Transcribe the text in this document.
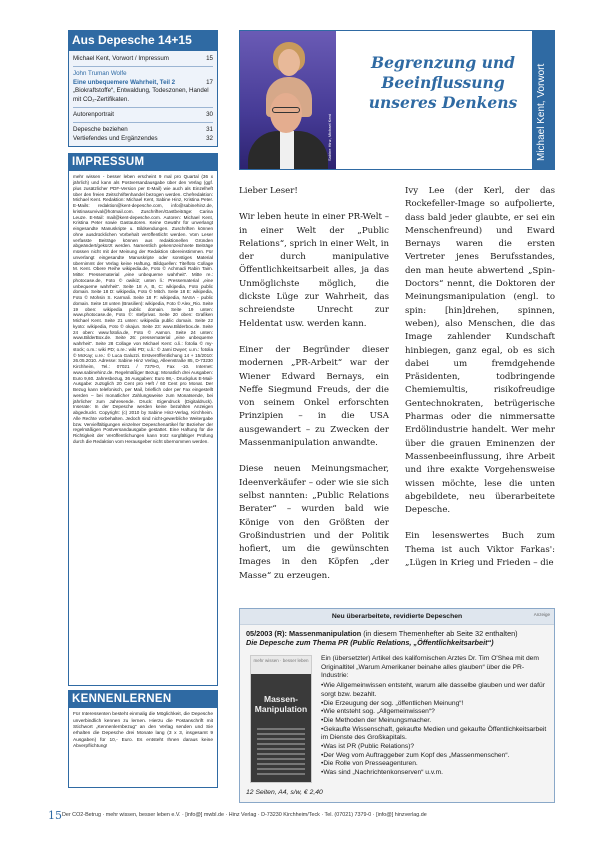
Aus Depesche 14+15
Michael Kent, Vorwort / Impressum	15
John Truman Wolfe
Eine unbequemere Wahrheit, Teil 2	17
„Biokraftstoffe“, Entwaldung, Todeszonen, Handel mit CO₂-Zertifikaten.
Autorenportrait	30
Depesche beziehen	31
Vertiefendes und Ergänzendes	32
IMPRESSUM

mehr wissen - besser leben erscheint 9 mal pro Quartal (36 x jährlich) und kann als Postversandausgabe über den Verlag (ggf. plus zusätzlicher PDF-Version per E-Mail) wie auch als Einzelheft über den freien Zeitschriftenhandel bezogen werden. Chefredaktion: Michael Kent. Redaktion: Michael Kent, Sabine Hinz, Kristina Peter. E-Mails: redaktion@kent-depesche.com, info@sabinehinz.de, kristinasurvival@hotmail.com. Zuschriften/Gastbeiträge: Carina Leuze. E-Mail: mail@kent-depesche.com. Autoren: Michael Kent, Kristina Peter sowie Gastautoren. Keine Gewähr für unverlangt eingesandte Manuskripte u. Bildsendungen. Zuschriften können ohne ausdrücklichen Vorbehalt veröffentlicht werden. Vom Leser verfasste Beiträge können aus redaktionellen Gründen abgeändert/gekürzt werden. Namentlich gekennzeichnete Beiträge müssen nicht mit der Meinung der Redaktion übereinstimmen. Für unverlangt eingesandte Manuskripte oder sonstiges Material übernimmt der Verlag keine Haftung. Bildquellen: Titelfoto Collage M. Kent. Obere Reihe wikipedia.de, Foto © Achmadi Rabin Taim. Mitte: Pressematerial „eine unbequeme wahrheit“. Mitte re.: photocase.de, Foto © owiki2; unten li.: Pressematerial „eine unbequeme wahrheit“. Seite 18 A, B, C: wikipedia, Foto public domain. Seite 18 D: wikipedia, Foto © Mitch. Seite 18 E: wikipedia, Foto © Mohsin S. Karmali. Seite 18 F: wikipedia, NASA - public domain. Seite 18 unten (Brasilien): wikipedia, Foto © Alex_Rio. Seite 19 oben: wikipedia public domain. Seite 19 unten: www.photocase.de, Foto ©: stefprivat. Seite 20 oben: Grafiken Michael Kent. Seite 21 unten: wikipedia public domain. Seite 22 kyoto: wikipedia, Foto © okajun. Seite 23: www.Bilderbox.de. Seite 24 oben: www.fotolia.de, Foto © Aamon. Seite 24 unten: www.BilderBox.de. Seite 26: pressematerial „eine unbequeme wahrheit“. Seite 28 Collage von Michael Kent: o.li.: fotolia © my-stock; o.m.: wiki PD; o.re.: wiki PD; u.li.: © Jami Dwyer; u.m.: fotolia © McKay; u.re.: © Luca Galuzzi. Erstveröffentlichung 14 + 15/2010: 26.05.2010. Adresse: Sabine Hinz Verlag, Alleenstraße 85, D-73230 Kirchheim, Tel.: 07021 / 7379-0, Fax -10. Internet: www.sabinehinz.de. Regelmäßiger Bezug: Monatlich drei Ausgaben: Euro 9,60. Jahresbezug, 36 Ausgaben: Euro 98,-. Druckplus E-Mail-Ausgabe: zuzüglich 20 Cent pro Heft / 60 Cent pro Monat. Der Bezug kann telefonisch, per Mail, brieflich oder per Fax eingestellt werden – bei monatlicher Zahlungsweise zum Monatsende, bei jährlicher zum Jahresende. Druck: Eigendruck (Digitaldruck). Inserate: In der Depesche werden keine bezahlten Anzeigen abgedruckt. Copyright: (c) 2010 by Sabine Hinz-Verlag, Kirchheim. Alle Rechte vorbehalten. Jedoch sind nicht-gewerbliche Weitergabe bzw. Vervielfältigungen einzelner Depeschenartikel für Bezieher der regelmäßigen Postversandausgabe gestattet. Eine Haftung für die Richtigkeit der Veröffentlichungen kann trotz sorgfältiger Prüfung durch die Redaktion vom Herausgeber nicht übernommen werden.

KENNENLERNEN
Für Interessenten besteht einmalig die Möglichkeit, die Depesche unverbindlich kennen zu lernen. Hierzu die Postanschrift mit Stichwort „Kennenlernbezug“ an den Verlag senden und Sie erhalten die Depesche drei Monate lang (3 x 3, insgesamt 9 Ausgaben) für 10,- Euro. Es entsteht Ihnen daraus keine Abverpflichtung!
Sabine Hinz, Michael Kent
Begrenzung und
Beeinflussung
unseres Denkens	Michael Kent, Vorwort

Lieber Leser!

Wir leben heute in einer PR-Welt – in einer Welt der „Public Relations“, sprich in einer Welt, in der durch manipulative Öffentlichkeitsarbeit alles, ja das Unmöglichste möglich, die dickste Lüge zur Wahrheit, das schreiendste Unrecht zur Heldentat usw. werden kann.

Einer der Begründer dieser modernen „PR-Arbeit“ war der Wiener Edward Bernays, ein Neffe Siegmund Freuds, der die von seinem Onkel erforschten Prinzipien – in die USA ausgewandert – zu Zwecken der Massenmanipulation anwandte.

Diese neuen Meinungsmacher, Ideenverkäufer – oder wie sie sich selbst nannten: „Public Relations Berater“ – wurden bald wie Könige von den Größten der Großindustrien und der Politik hofiert, um die gewünschten Images in den Köpfen „der Masse“ zu erzeugen.

Ivy Lee (der Kerl, der das Rockefeller-Image so aufpolierte, dass bald jeder glaubte, er sei ein Menschenfreund) und Eward Bernays waren die ersten Vertreter jenes Berufsstandes, den man heute abwertend „Spin-Doctors“ nennt, die Doktoren der Meinungsmanipulation (engl. to spin: [hin]drehen, spinnen, weben), also Menschen, die das Image zahlender Kundschaft hinbiegen, ganz egal, ob es sich dabei um fremdgehende Präsidenten, todbringende Chemiemultis, risikofreudige Gentechnokraten, betrügerische Pharmas oder die nimmersatte Erdölindustrie handelt. Wer mehr über die grauen Eminenzen der Massenbeeinflussung, ihre Arbeit und ihre exakte Vorgehensweise wissen möchte, lese die unten abgebildete, neu überarbeitete Depesche.

Ein lesenswertes Buch zum Thema ist auch Viktor Farkas': „Lügen in Krieg und Frieden – die

Neu überarbeitete, revidierte Depeschen	Anzeige
05/2003 (R): Massenmanipulation (in diesem Themenhefter ab Seite 32 enthalten)
Die Depesche zum Thema PR (Public Relations, „Öffentlichkeitsarbeit“)
mehr wissen · besser leben
Massen-Manipulation
Ein (übersetzter) Artikel des kalifornischen Arztes Dr. Tim O'Shea mit dem Originaltitel „Warum Amerikaner beinahe alles glauben“ über die PR-Industrie:
• Wie Allgemeinwissen entsteht, warum alle dasselbe glauben und wer dafür sorgt bzw. bezahlt.
• Die Erzeugung der sog. „öffentlichen Meinung“!
• Wie entsteht sog. „Allgemeinwissen“?
• Die Methoden der Meinungsmacher.
• Gekaufte Wissenschaft, gekaufte Medien und gekaufte Öffentlichkeitsarbeit im Dienste des Großkapitals.
• Was ist PR (Public Relations)?
• Der Weg vom Auftraggeber zum Kopf des „Massenmenschen“.
• Die Rolle von Presseagenturen.
• Was sind „Nachrichtenkonserven“ u.v.m.
12 Seiten, A4, s/w, € 2,40
15 Der CO2-Betrug · mehr wissen, besser leben e.V. · [info@] mwbl.de · Hinz Verlag · D-73230 Kirchheim/Teck · Tel. (07021) 7379-0 · [info@] hinzverlag.de
